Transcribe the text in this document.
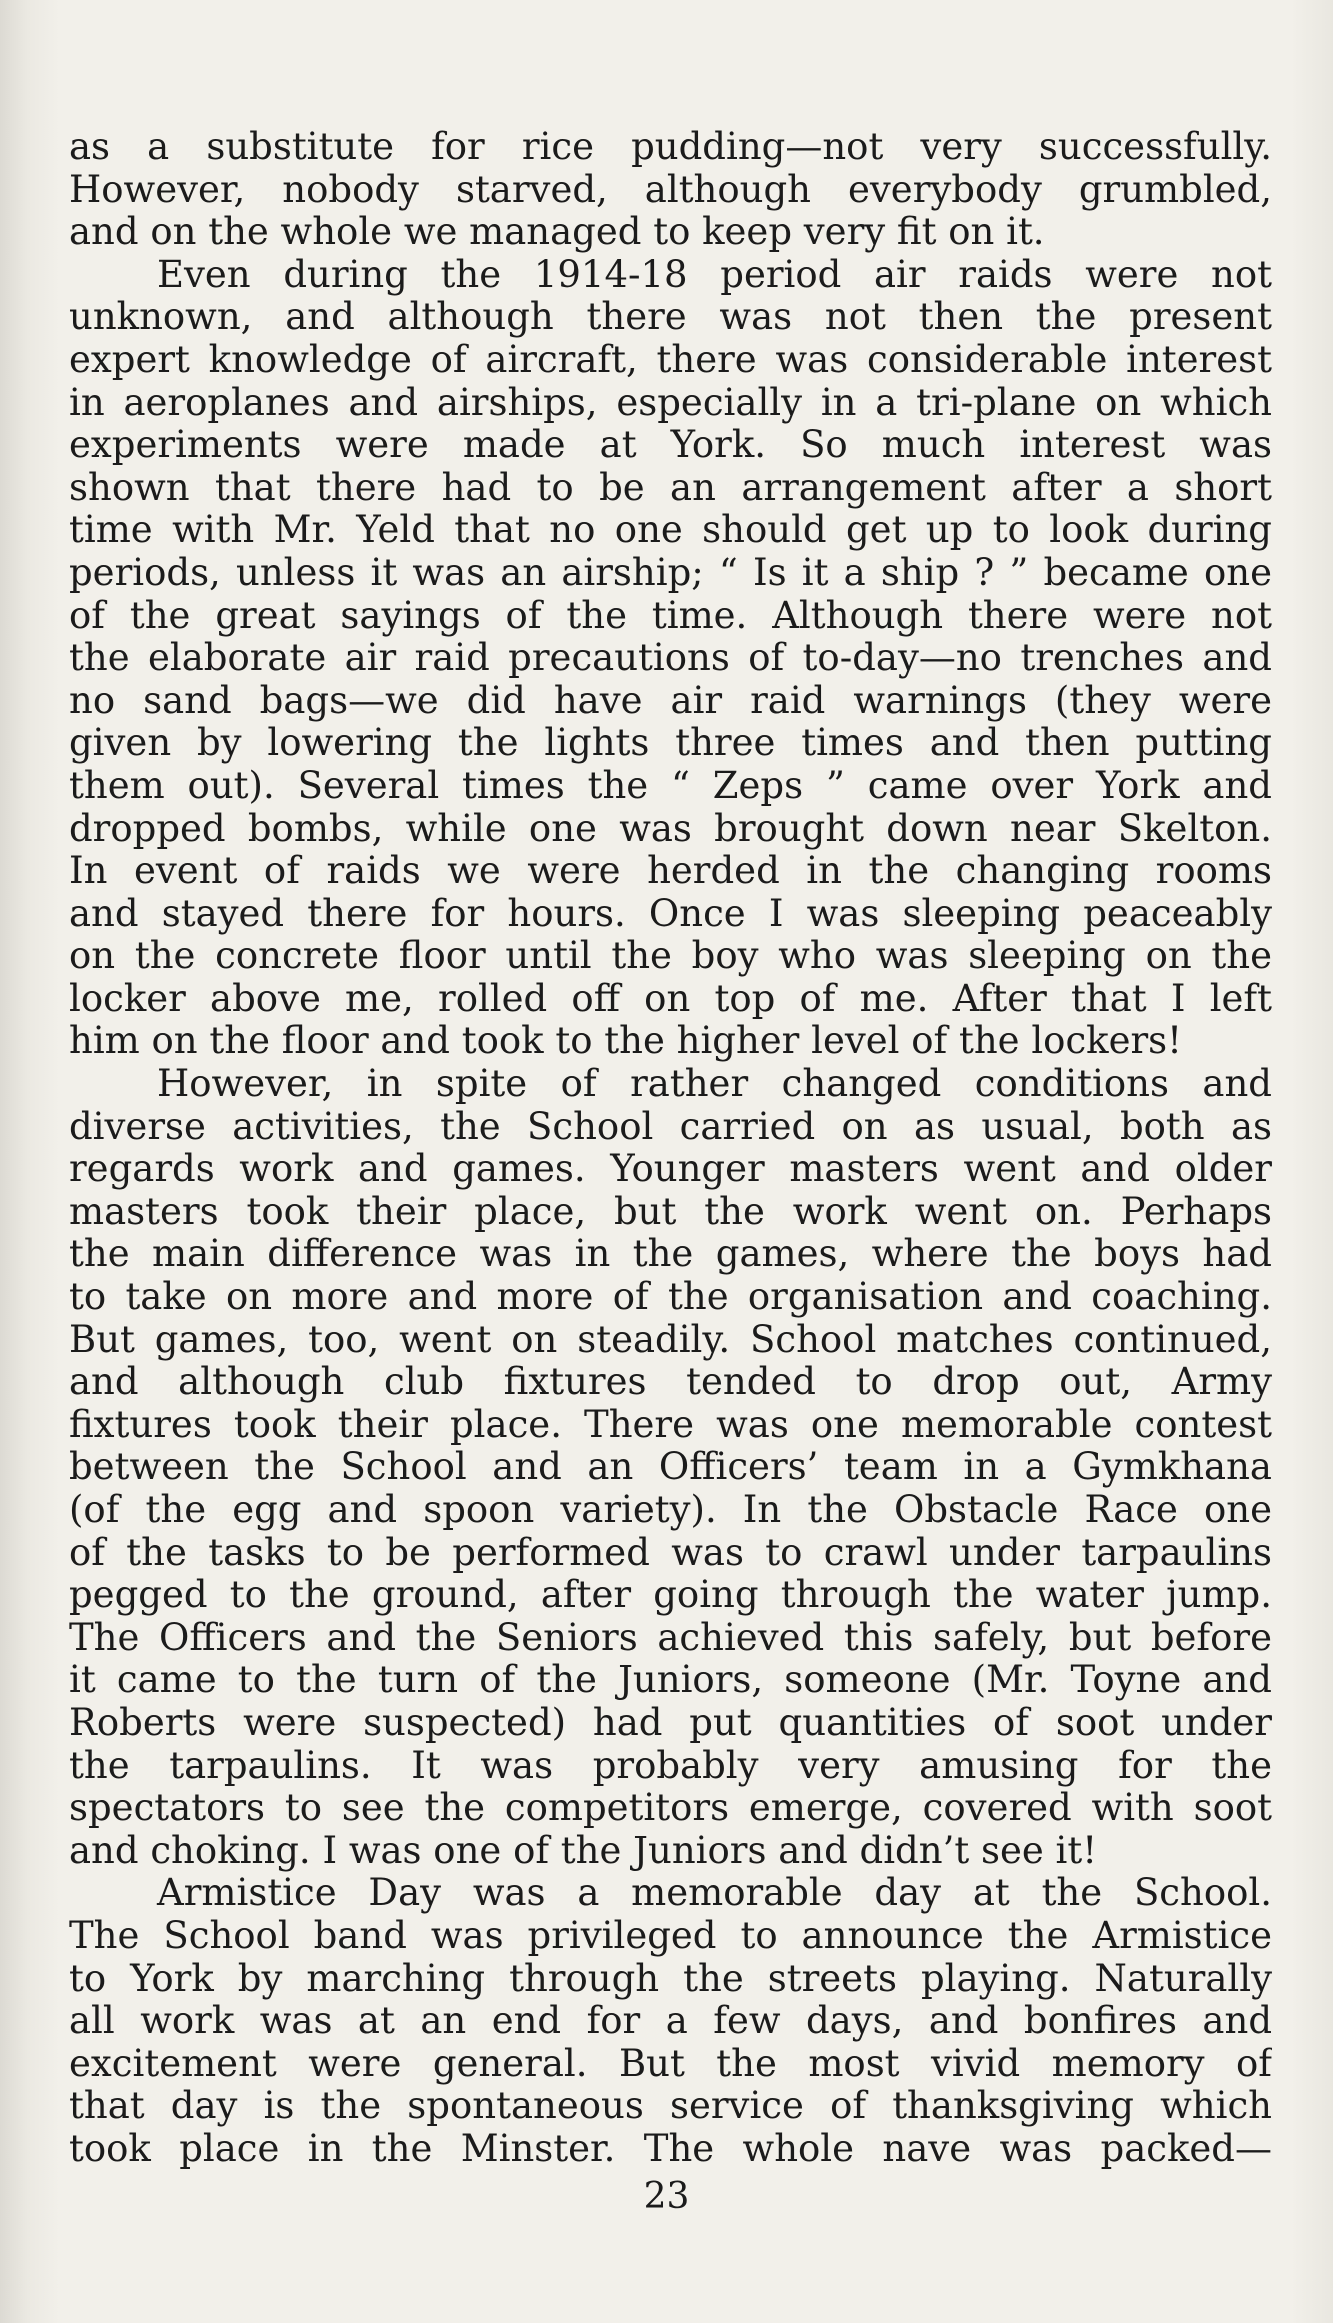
as a substitute for rice pudding—not very successfully.
However, nobody starved, although everybody grumbled,
and on the whole we managed to keep very fit on it.
Even during the 1914-18 period air raids were not
unknown, and although there was not then the present
expert knowledge of aircraft, there was considerable interest
in aeroplanes and airships, especially in a tri-plane on which
experiments were made at York. So much interest was
shown that there had to be an arrangement after a short
time with Mr. Yeld that no one should get up to look during
periods, unless it was an airship; “ Is it a ship ? ” became one
of the great sayings of the time. Although there were not
the elaborate air raid precautions of to-day—no trenches and
no sand bags—we did have air raid warnings (they were
given by lowering the lights three times and then putting
them out). Several times the “ Zeps ” came over York and
dropped bombs, while one was brought down near Skelton.
In event of raids we were herded in the changing rooms
and stayed there for hours. Once I was sleeping peaceably
on the concrete floor until the boy who was sleeping on the
locker above me, rolled off on top of me. After that I left
him on the floor and took to the higher level of the lockers!
However, in spite of rather changed conditions and
diverse activities, the School carried on as usual, both as
regards work and games. Younger masters went and older
masters took their place, but the work went on. Perhaps
the main difference was in the games, where the boys had
to take on more and more of the organisation and coaching.
But games, too, went on steadily. School matches continued,
and although club fixtures tended to drop out, Army
fixtures took their place. There was one memorable contest
between the School and an Officers’ team in a Gymkhana
(of the egg and spoon variety). In the Obstacle Race one
of the tasks to be performed was to crawl under tarpaulins
pegged to the ground, after going through the water jump.
The Officers and the Seniors achieved this safely, but before
it came to the turn of the Juniors, someone (Mr. Toyne and
Roberts were suspected) had put quantities of soot under
the tarpaulins. It was probably very amusing for the
spectators to see the competitors emerge, covered with soot
and choking. I was one of the Juniors and didn’t see it!
Armistice Day was a memorable day at the School.
The School band was privileged to announce the Armistice
to York by marching through the streets playing. Naturally
all work was at an end for a few days, and bonfires and
excitement were general. But the most vivid memory of
that day is the spontaneous service of thanksgiving which
took place in the Minster. The whole nave was packed—
23
